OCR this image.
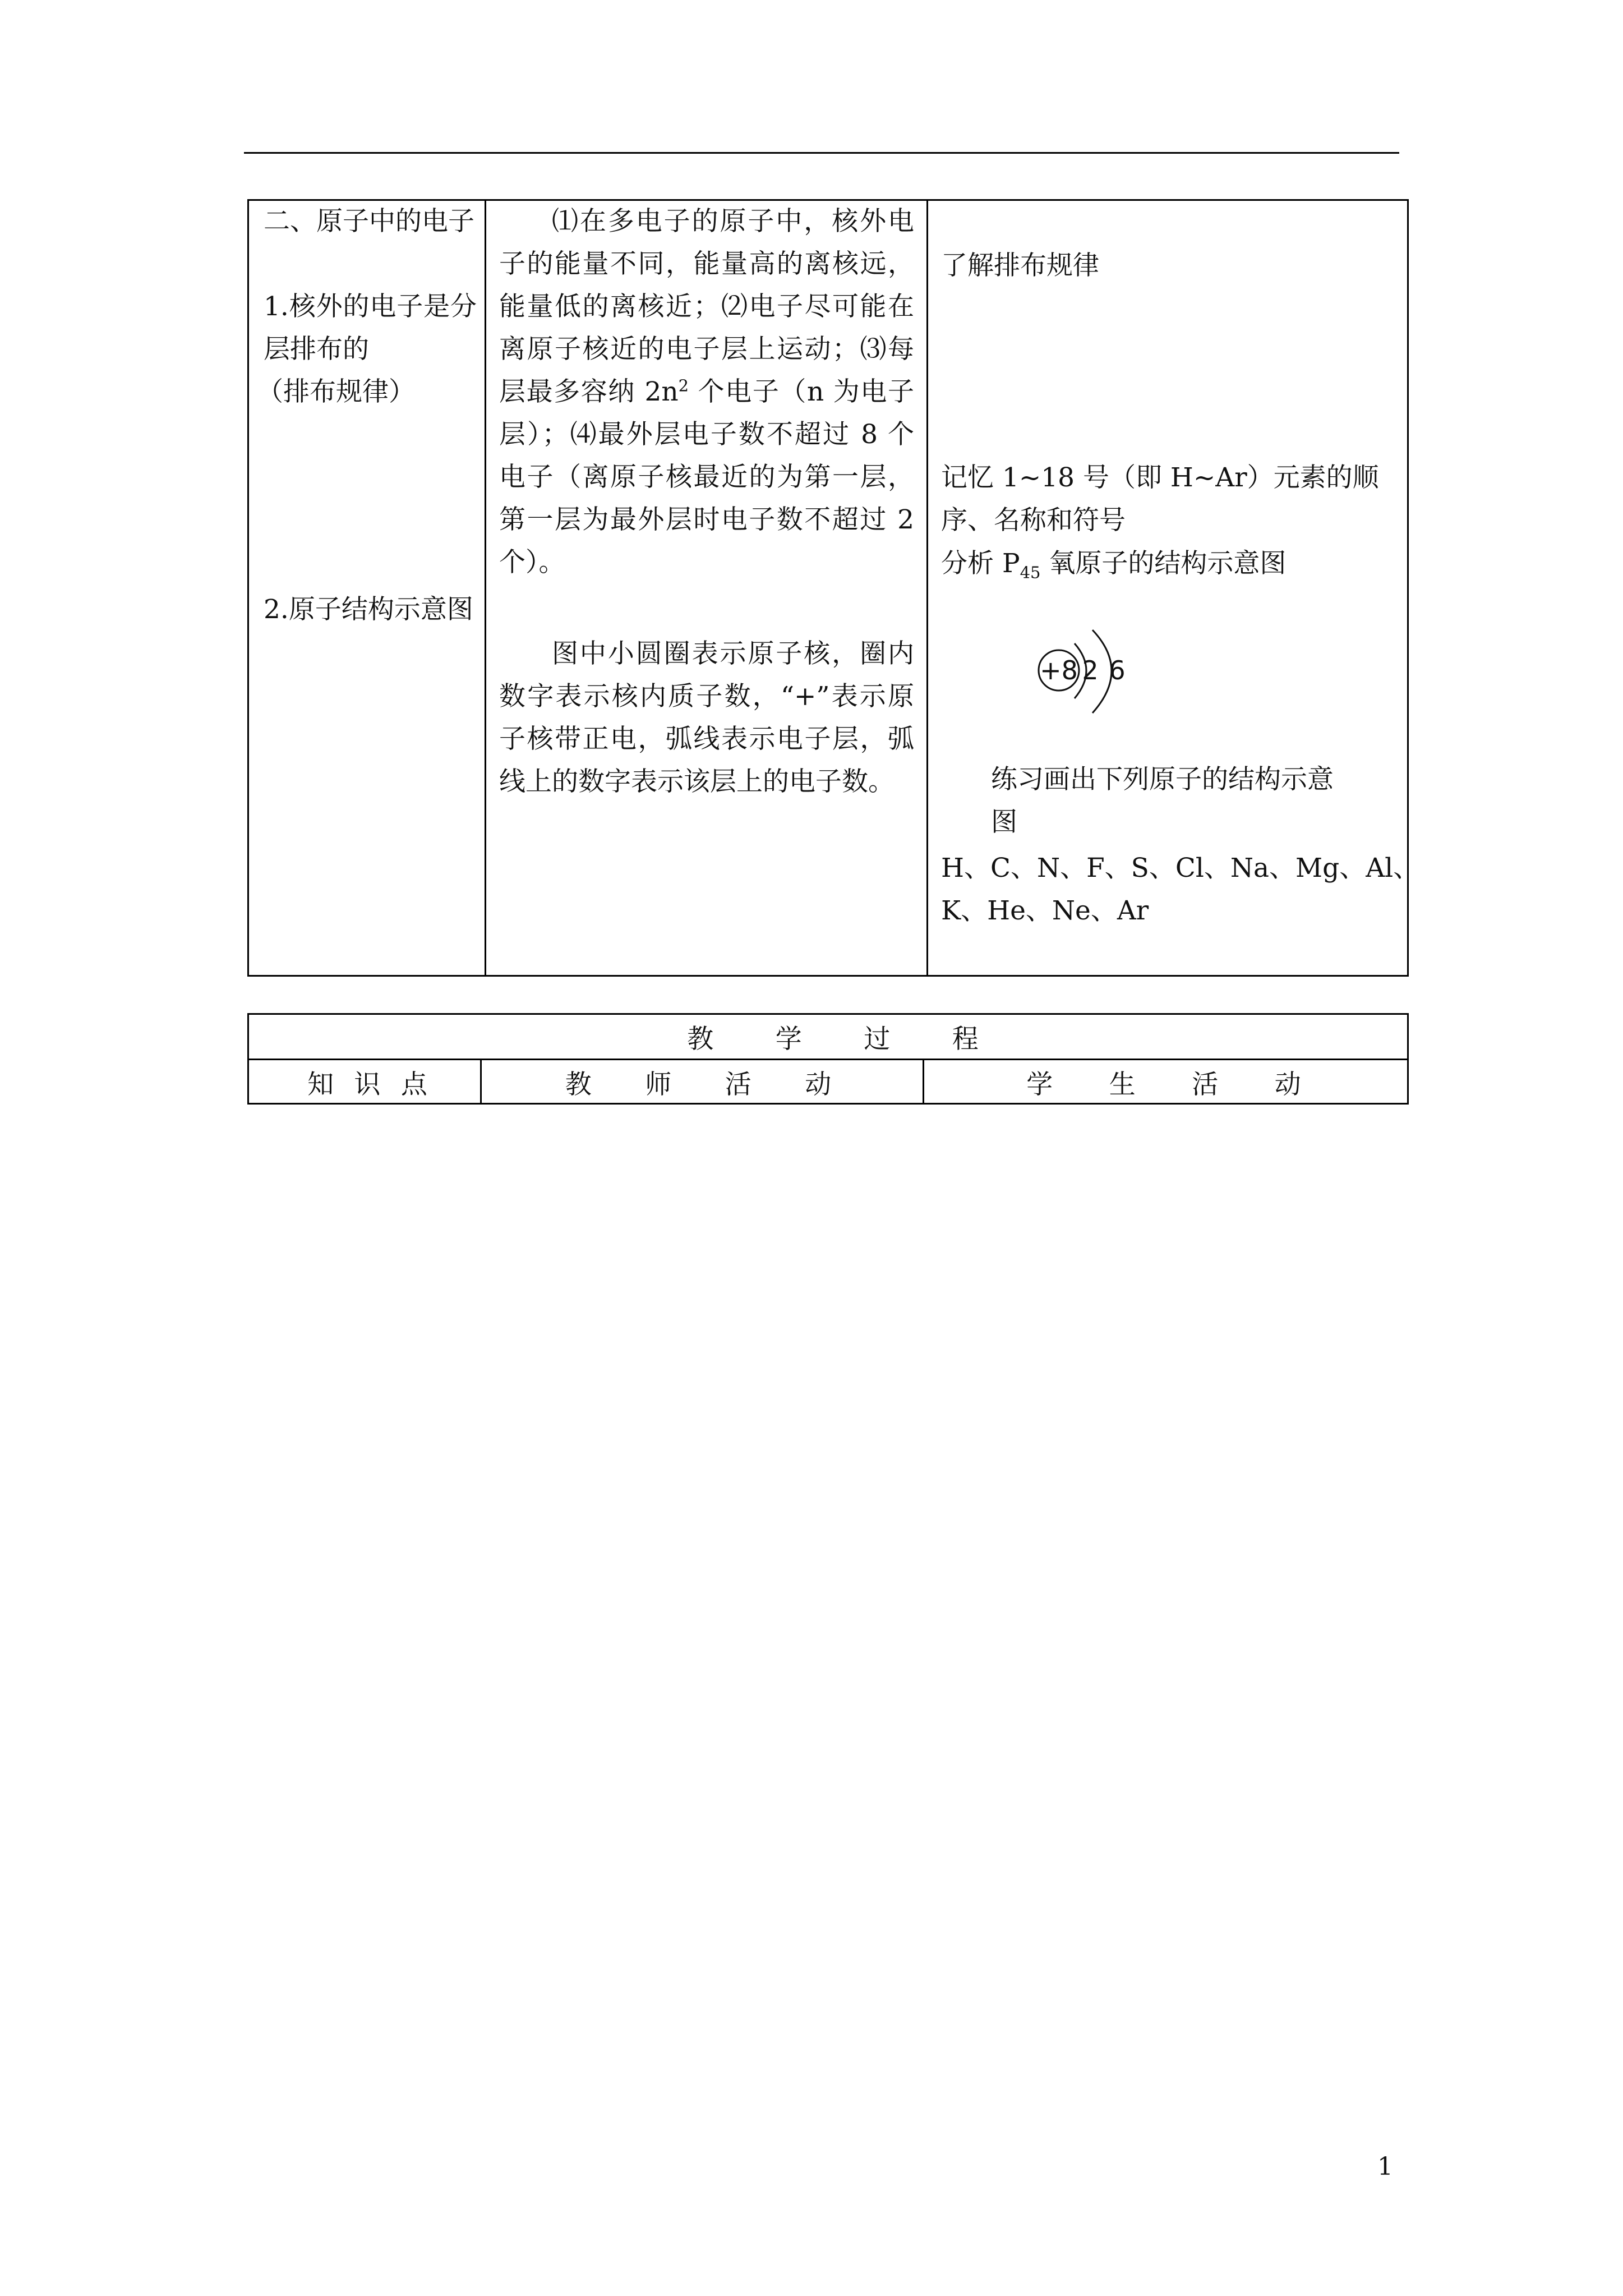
二、原子中的电子
1.核外的电子是分层排布的
（排布规律）
2.原子结构示意图
⑴在多电子的原子中，核外电子的能量不同，能量高的离核远，能量低的离核近；⑵电子尽可能在离原子核近的电子层上运动；⑶每层最多容纳 $2n^2$ 个电子（n 为电子层）；⑷最外层电子数不超过 8 个电子（离原子核最近的为第一层，第一层为最外层时电子数不超过 2 个）。
图中小圆圈表示原子核，圈内数字表示核内质子数，“+”表示原子核带正电，弧线表示电子层，弧线上的数字表示该层上的电子数。
了解排布规律
记忆 1~18 号（即 H~Ar）元素的顺序、名称和符号
分析 $P_{45}$ 氧原子的结构示意图
+8 2 6
练习画出下列原子的结构示意
图
H、C、N、F、S、Cl、Na、Mg、Al、
K、He、Ne、Ar
教 学 过 程
知 识 点	教 师 活 动	学 生 活 动
1
